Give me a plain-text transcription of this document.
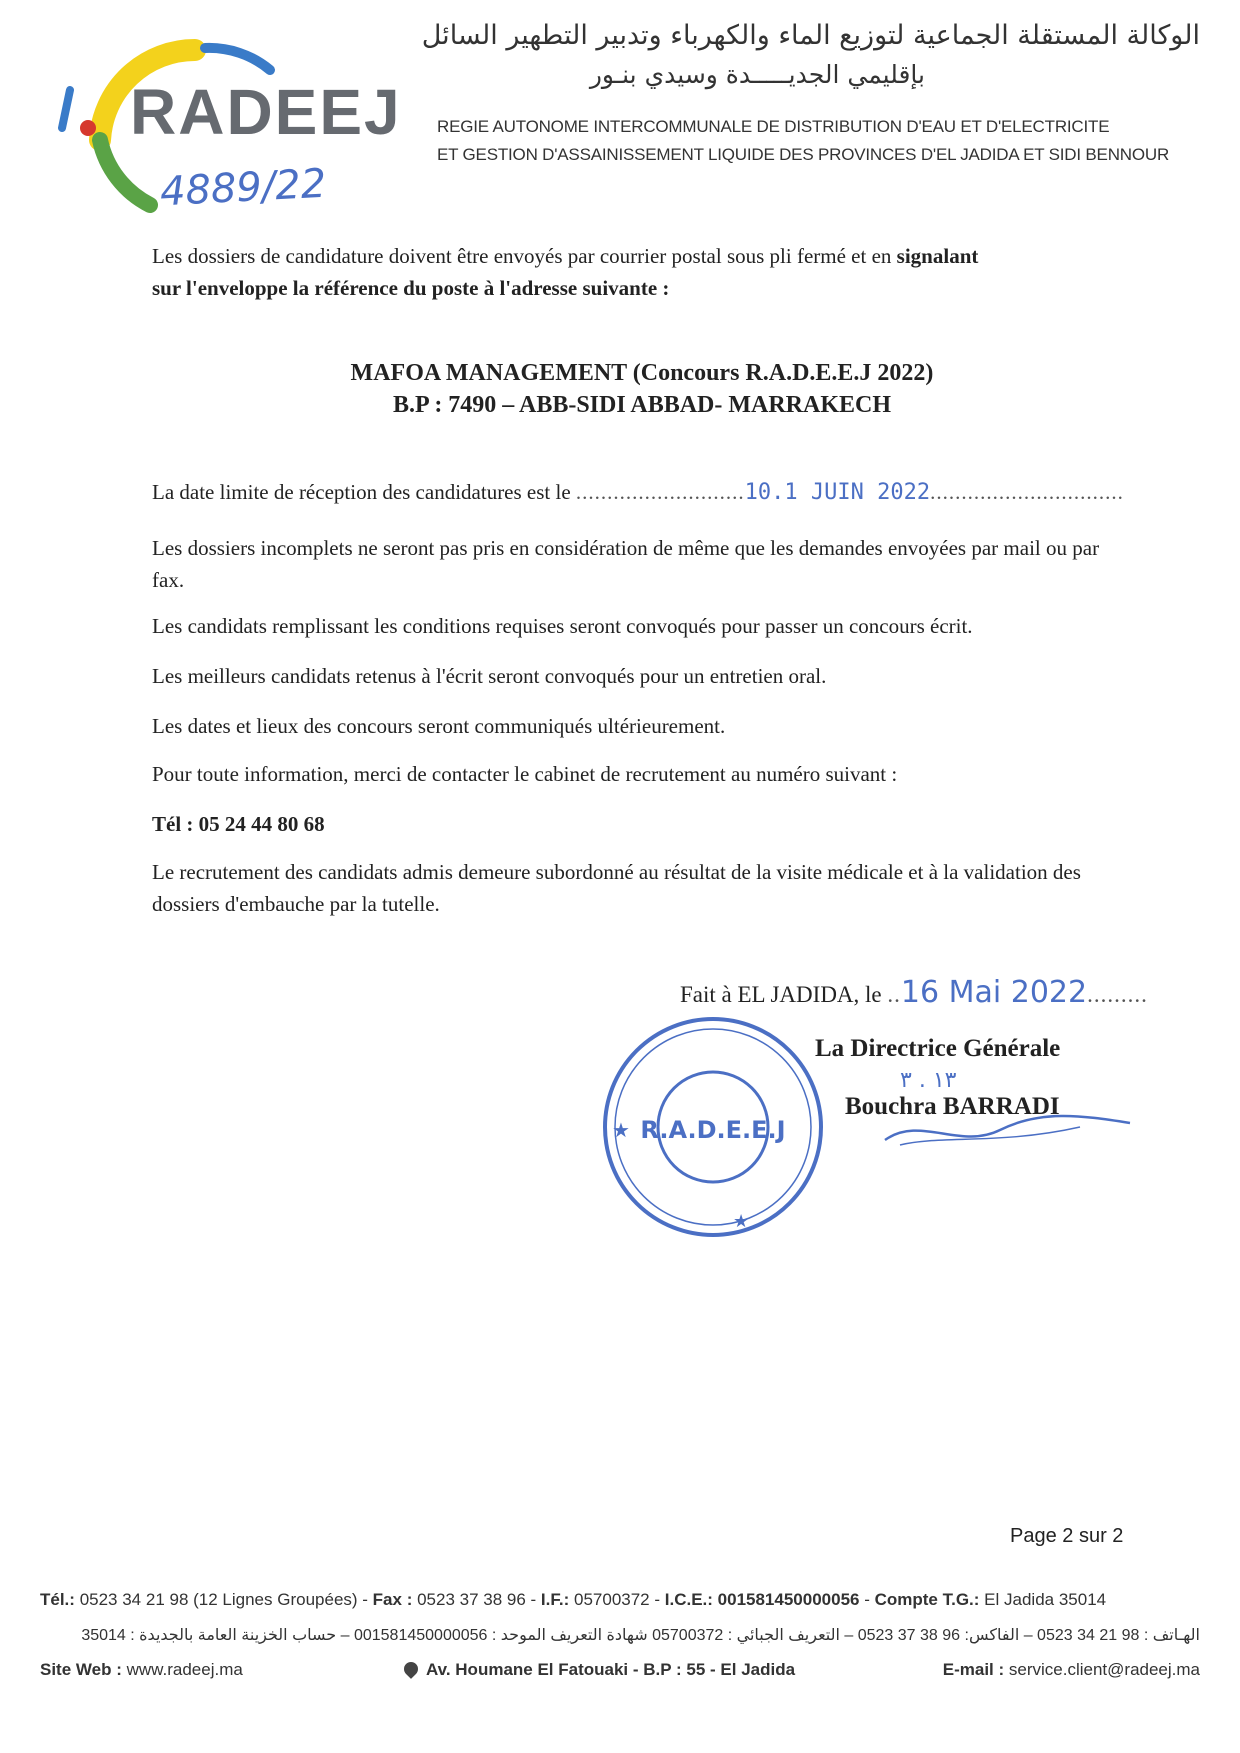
RADEEJ
4889/22
الوكالة المستقلة الجماعية لتوزيع الماء والكهرباء وتدبير التطهير السائل
بإقليمي الجديـــــدة وسيدي بنـور
REGIE AUTONOME INTERCOMMUNALE DE DISTRIBUTION D'EAU ET D'ELECTRICITE
ET GESTION D'ASSAINISSEMENT LIQUIDE DES PROVINCES D'EL JADIDA ET SIDI BENNOUR
Les dossiers de candidature doivent être envoyés par courrier postal sous pli fermé et en signalant
sur l'enveloppe la référence du poste à l'adresse suivante :
MAFOA MANAGEMENT (Concours R.A.D.E.E.J 2022)
B.P : 7490 – ABB-SIDI ABBAD- MARRAKECH
La date limite de réception des candidatures est le ...........................10.1 JUIN 2022...............................
Les dossiers incomplets ne seront pas pris en considération de même que les demandes envoyées par mail ou par fax.
Les candidats remplissant les conditions requises seront convoqués pour passer un concours écrit.
Les meilleurs candidats retenus à l'écrit seront convoqués pour un entretien oral.
Les dates et lieux des concours seront communiqués ultérieurement.
Pour toute information, merci de contacter le cabinet de recrutement au numéro suivant :
Tél : 05 24 44 80 68
Le recrutement des candidats admis demeure subordonné au résultat de la visite médicale et à la validation des dossiers d'embauche par la tutelle.
Fait à EL JADIDA, le ..16 Mai 2022.........
R.A.D.E.E.J
★
★
La Directrice Générale
١٣ . ٣
Bouchra BARRADI
Page 2 sur 2
Tél.: 0523 34 21 98 (12 Lignes Groupées) - Fax : 0523 37 38 96 - I.F.: 05700372 - I.C.E.: 001581450000056 - Compte T.G.: El Jadida 35014
الهـاتف : 98 21 34 0523 – الفاكس: 96 38 37 0523 – التعريف الجبائي : 05700372 شهادة التعريف الموحد : 001581450000056 – حساب الخزينة العامة بالجديدة : 35014
Site Web : www.radeej.ma	Av. Houmane El Fatouaki - B.P : 55 - El Jadida	E-mail : service.client@radeej.ma
